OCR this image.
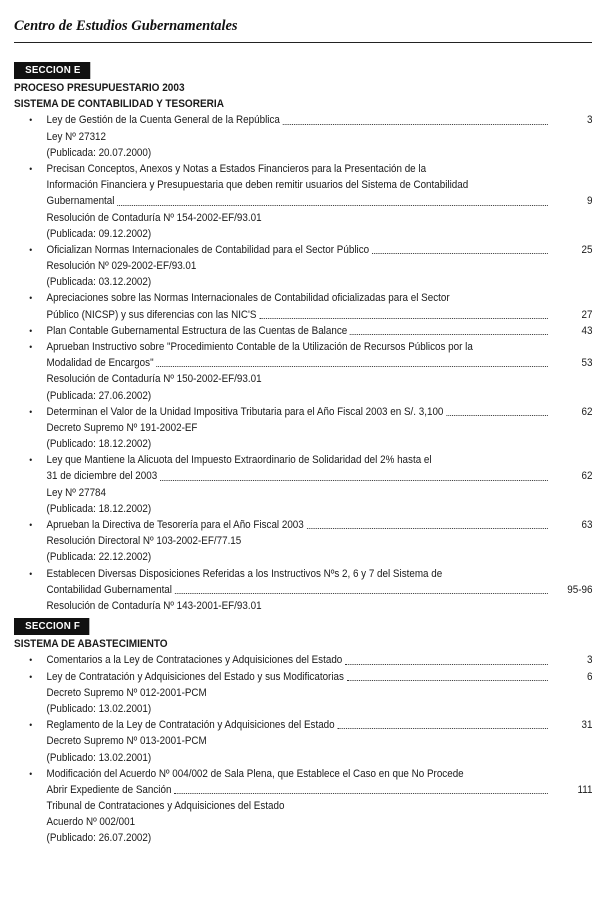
Centro de Estudios Gubernamentales
SECCION E
PROCESO PRESUPUESTARIO 2003
SISTEMA DE CONTABILIDAD Y TESORERIA
•
Ley de Gestión de la Cuenta General de la República	3
Ley Nº 27312
(Publicada: 20.07.2000)
•
Precisan Conceptos, Anexos y Notas a Estados Financieros para la Presentación de la
Información Financiera y Presupuestaria que deben remitir usuarios del Sistema de Contabilidad
Gubernamental	9
Resolución de Contaduría Nº 154-2002-EF/93.01
(Publicada: 09.12.2002)
•
Oficializan Normas Internacionales de Contabilidad para el Sector Público	25
Resolución Nº 029-2002-EF/93.01
(Publicada: 03.12.2002)
•
Apreciaciones sobre las Normas Internacionales de Contabilidad oficializadas para el Sector
Público (NICSP) y sus diferencias con las NIC'S	27
•
Plan Contable Gubernamental Estructura de las Cuentas de Balance	43
•
Aprueban Instructivo sobre "Procedimiento Contable de la Utilización de Recursos Públicos por la
Modalidad de Encargos"	53
Resolución de Contaduría Nº 150-2002-EF/93.01
(Publicada: 27.06.2002)
•
Determinan el Valor de la Unidad Impositiva Tributaria para el Año Fiscal 2003 en S/. 3,100	62
Decreto Supremo Nº 191-2002-EF
(Publicado: 18.12.2002)
•
Ley que Mantiene la Alicuota del Impuesto Extraordinario de Solidaridad del 2% hasta el
31 de diciembre del 2003	62
Ley Nº 27784
(Publicada: 18.12.2002)
•
Aprueban la Directiva de Tesorería para el Año Fiscal 2003	63
Resolución Directoral Nº 103-2002-EF/77.15
(Publicada: 22.12.2002)
•
Establecen Diversas Disposiciones Referidas a los Instructivos Nºs 2, 6 y 7 del Sistema de
Contabilidad Gubernamental	95-96
Resolución de Contaduría Nº 143-2001-EF/93.01
SECCION F
SISTEMA DE ABASTECIMIENTO
•
Comentarios a la Ley de Contrataciones y Adquisiciones del Estado	3
•
Ley de Contratación y Adquisiciones del Estado y sus Modificatorias	6
Decreto Supremo Nº 012-2001-PCM
(Publicado: 13.02.2001)
•
Reglamento de la Ley de Contratación y Adquisiciones del Estado	31
Decreto Supremo Nº 013-2001-PCM
(Publicado: 13.02.2001)
•
Modificación del Acuerdo Nº 004/002 de Sala Plena, que Establece el Caso en que No Procede
Abrir Expediente de Sanción	111
Tribunal de Contrataciones y Adquisiciones del Estado
Acuerdo Nº 002/001
(Publicado: 26.07.2002)
